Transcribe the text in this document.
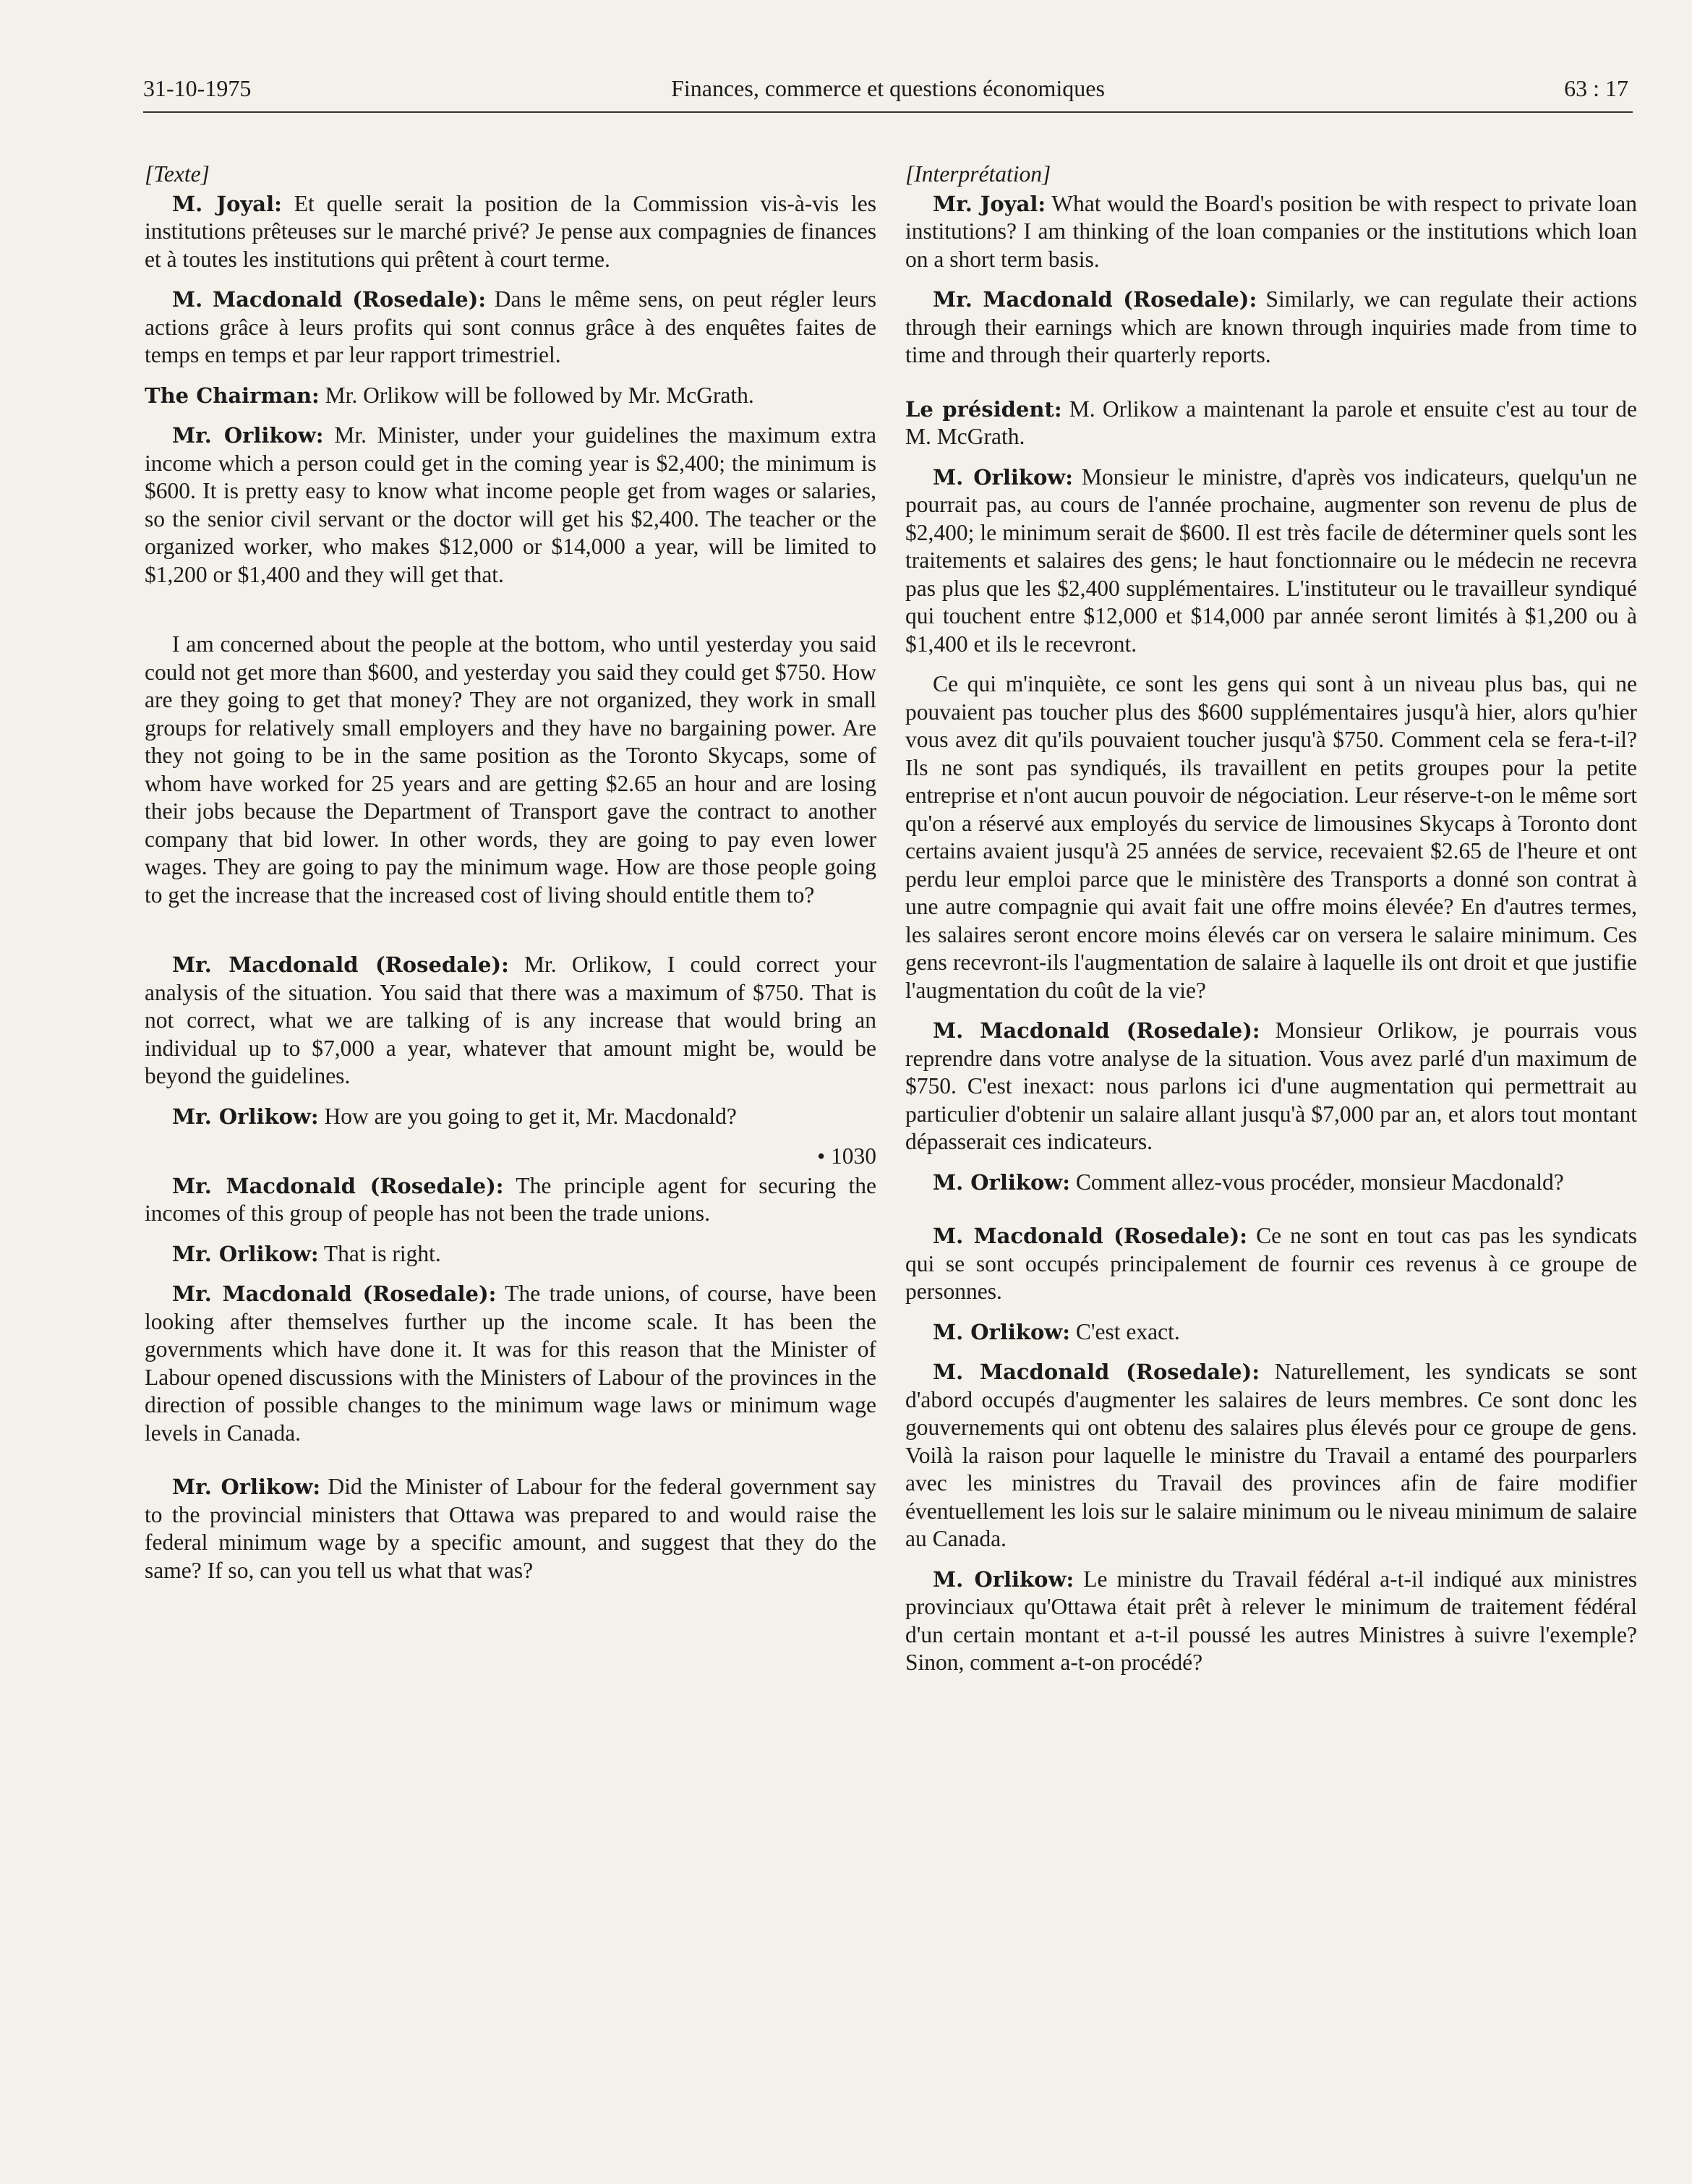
31-10-1975	Finances, commerce et questions économiques	63 : 17

[Texte]

M. Joyal: Et quelle serait la position de la Commission vis-à-vis les institutions prêteuses sur le marché privé? Je pense aux compagnies de finances et à toutes les institutions qui prêtent à court terme.

M. Macdonald (Rosedale): Dans le même sens, on peut régler leurs actions grâce à leurs profits qui sont connus grâce à des enquêtes faites de temps en temps et par leur rapport trimestriel.

The Chairman: Mr. Orlikow will be followed by Mr. McGrath.

Mr. Orlikow: Mr. Minister, under your guidelines the maximum extra income which a person could get in the coming year is $2,400; the minimum is $600. It is pretty easy to know what income people get from wages or salaries, so the senior civil servant or the doctor will get his $2,400. The teacher or the organized worker, who makes $12,000 or $14,000 a year, will be limited to $1,200 or $1,400 and they will get that.

I am concerned about the people at the bottom, who until yesterday you said could not get more than $600, and yesterday you said they could get $750. How are they going to get that money? They are not organized, they work in small groups for relatively small employers and they have no bargaining power. Are they not going to be in the same position as the Toronto Skycaps, some of whom have worked for 25 years and are getting $2.65 an hour and are losing their jobs because the Department of Transport gave the contract to another company that bid lower. In other words, they are going to pay even lower wages. They are going to pay the minimum wage. How are those people going to get the increase that the increased cost of living should entitle them to?

Mr. Macdonald (Rosedale): Mr. Orlikow, I could correct your analysis of the situation. You said that there was a maximum of $750. That is not correct, what we are talking of is any increase that would bring an individual up to $7,000 a year, whatever that amount might be, would be beyond the guidelines.

Mr. Orlikow: How are you going to get it, Mr. Macdonald?

• 1030

Mr. Macdonald (Rosedale): The principle agent for securing the incomes of this group of people has not been the trade unions.

Mr. Orlikow: That is right.

Mr. Macdonald (Rosedale): The trade unions, of course, have been looking after themselves further up the income scale. It has been the governments which have done it. It was for this reason that the Minister of Labour opened discussions with the Ministers of Labour of the provinces in the direction of possible changes to the minimum wage laws or minimum wage levels in Canada.

Mr. Orlikow: Did the Minister of Labour for the federal government say to the provincial ministers that Ottawa was prepared to and would raise the federal minimum wage by a specific amount, and suggest that they do the same? If so, can you tell us what that was?

[Interprétation]

Mr. Joyal: What would the Board's position be with respect to private loan institutions? I am thinking of the loan companies or the institutions which loan on a short term basis.

Mr. Macdonald (Rosedale): Similarly, we can regulate their actions through their earnings which are known through inquiries made from time to time and through their quarterly reports.

Le président: M. Orlikow a maintenant la parole et ensuite c'est au tour de M. McGrath.

M. Orlikow: Monsieur le ministre, d'après vos indicateurs, quelqu'un ne pourrait pas, au cours de l'année prochaine, augmenter son revenu de plus de $2,400; le minimum serait de $600. Il est très facile de déterminer quels sont les traitements et salaires des gens; le haut fonctionnaire ou le médecin ne recevra pas plus que les $2,400 supplémentaires. L'instituteur ou le travailleur syndiqué qui touchent entre $12,000 et $14,000 par année seront limités à $1,200 ou à $1,400 et ils le recevront.

Ce qui m'inquiète, ce sont les gens qui sont à un niveau plus bas, qui ne pouvaient pas toucher plus des $600 supplémentaires jusqu'à hier, alors qu'hier vous avez dit qu'ils pouvaient toucher jusqu'à $750. Comment cela se fera-t-il? Ils ne sont pas syndiqués, ils travaillent en petits groupes pour la petite entreprise et n'ont aucun pouvoir de négociation. Leur réserve-t-on le même sort qu'on a réservé aux employés du service de limousines Skycaps à Toronto dont certains avaient jusqu'à 25 années de service, recevaient $2.65 de l'heure et ont perdu leur emploi parce que le ministère des Transports a donné son contrat à une autre compagnie qui avait fait une offre moins élevée? En d'autres termes, les salaires seront encore moins élevés car on versera le salaire minimum. Ces gens recevront-ils l'augmentation de salaire à laquelle ils ont droit et que justifie l'augmentation du coût de la vie?

M. Macdonald (Rosedale): Monsieur Orlikow, je pourrais vous reprendre dans votre analyse de la situation. Vous avez parlé d'un maximum de $750. C'est inexact: nous parlons ici d'une augmentation qui permettrait au particulier d'obtenir un salaire allant jusqu'à $7,000 par an, et alors tout montant dépasserait ces indicateurs.

M. Orlikow: Comment allez-vous procéder, monsieur Macdonald?

M. Macdonald (Rosedale): Ce ne sont en tout cas pas les syndicats qui se sont occupés principalement de fournir ces revenus à ce groupe de personnes.

M. Orlikow: C'est exact.

M. Macdonald (Rosedale): Naturellement, les syndicats se sont d'abord occupés d'augmenter les salaires de leurs membres. Ce sont donc les gouvernements qui ont obtenu des salaires plus élevés pour ce groupe de gens. Voilà la raison pour laquelle le ministre du Travail a entamé des pourparlers avec les ministres du Travail des provinces afin de faire modifier éventuellement les lois sur le salaire minimum ou le niveau minimum de salaire au Canada.

M. Orlikow: Le ministre du Travail fédéral a-t-il indiqué aux ministres provinciaux qu'Ottawa était prêt à relever le minimum de traitement fédéral d'un certain montant et a-t-il poussé les autres Ministres à suivre l'exemple? Sinon, comment a-t-on procédé?
